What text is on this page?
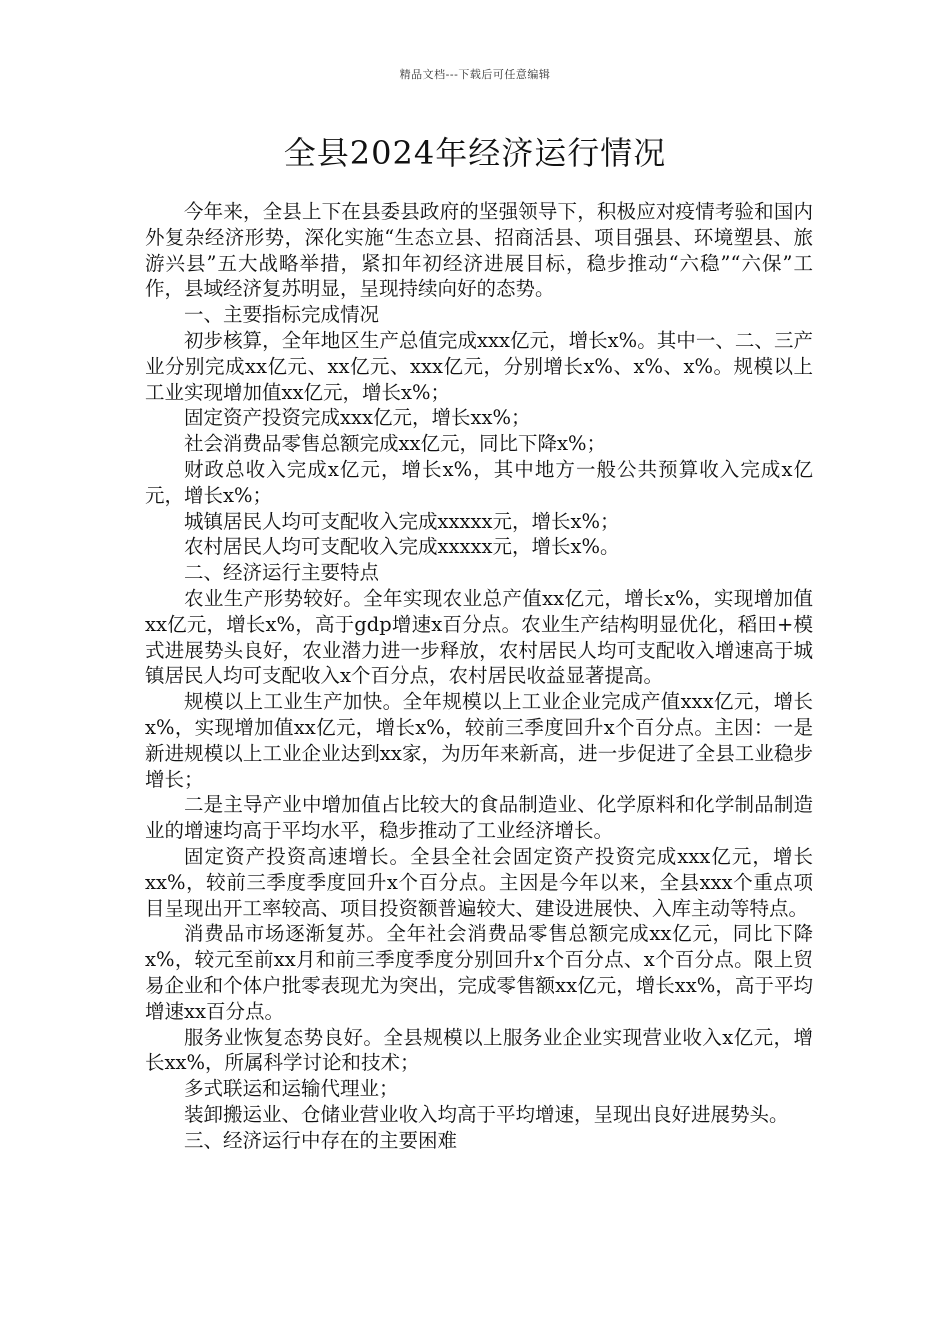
精品文档---下载后可任意编辑
全县2024年经济运行情况

今年来，全县上下在县委县政府的坚强领导下，积极应对疫情考验和国内外复杂经济形势，深化实施“生态立县、招商活县、项目强县、环境塑县、旅游兴县”五大战略举措，紧扣年初经济进展目标，稳步推动“六稳”“六保”工作，县域经济复苏明显，呈现持续向好的态势。

一、主要指标完成情况

初步核算，全年地区生产总值完成xxx亿元，增长x%。其中一、二、三产业分别完成xx亿元、xx亿元、xxx亿元，分别增长x%、x%、x%。规模以上工业实现增加值xx亿元，增长x%；

固定资产投资完成xxx亿元，增长xx%；

社会消费品零售总额完成xx亿元，同比下降x%；

财政总收入完成x亿元，增长x%，其中地方一般公共预算收入完成x亿元，增长x%；

城镇居民人均可支配收入完成xxxxx元，增长x%；

农村居民人均可支配收入完成xxxxx元，增长x%。

二、经济运行主要特点

农业生产形势较好。全年实现农业总产值xx亿元，增长x%，实现增加值xx亿元，增长x%，高于gdp增速x百分点。农业生产结构明显优化，稻田+模式进展势头良好，农业潜力进一步释放，农村居民人均可支配收入增速高于城镇居民人均可支配收入x个百分点，农村居民收益显著提高。

规模以上工业生产加快。全年规模以上工业企业完成产值xxx亿元，增长x%，实现增加值xx亿元，增长x%，较前三季度回升x个百分点。主因：一是新进规模以上工业企业达到xx家，为历年来新高，进一步促进了全县工业稳步增长；

二是主导产业中增加值占比较大的食品制造业、化学原料和化学制品制造业的增速均高于平均水平，稳步推动了工业经济增长。

固定资产投资高速增长。全县全社会固定资产投资完成xxx亿元，增长xx%，较前三季度季度回升x个百分点。主因是今年以来，全县xxx个重点项目呈现出开工率较高、项目投资额普遍较大、建设进展快、入库主动等特点。

消费品市场逐渐复苏。全年社会消费品零售总额完成xx亿元，同比下降x%，较元至前xx月和前三季度季度分别回升x个百分点、x个百分点。限上贸易企业和个体户批零表现尤为突出，完成零售额xx亿元，增长xx%，高于平均增速xx百分点。

服务业恢复态势良好。全县规模以上服务业企业实现营业收入x亿元，增长xx%，所属科学讨论和技术；

多式联运和运输代理业；

装卸搬运业、仓储业营业收入均高于平均增速，呈现出良好进展势头。

三、经济运行中存在的主要困难
